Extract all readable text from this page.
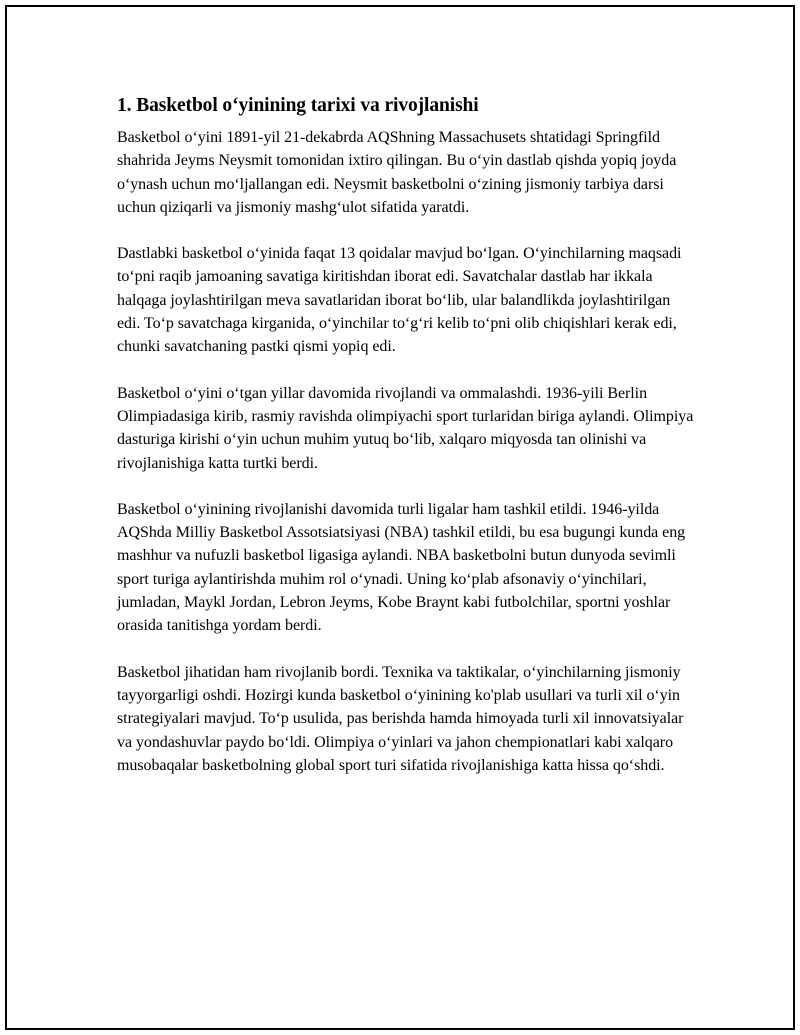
1. Basketbol o‘yinining tarixi va rivojlanishi

Basketbol o‘yini 1891-yil 21-dekabrda AQShning Massachusets shtatidagi Springfild shahrida Jeyms Neysmit tomonidan ixtiro qilingan. Bu o‘yin dastlab qishda yopiq joyda o‘ynash uchun mo‘ljallangan edi. Neysmit basketbolni o‘zining jismoniy tarbiya darsi uchun qiziqarli va jismoniy mashg‘ulot sifatida yaratdi.

Dastlabki basketbol o‘yinida faqat 13 qoidalar mavjud bo‘lgan. O‘yinchilarning maqsadi to‘pni raqib jamoaning savatiga kiritishdan iborat edi. Savatchalar dastlab har ikkala halqaga joylashtirilgan meva savatlaridan iborat bo‘lib, ular balandlikda joylashtirilgan edi. To‘p savatchaga kirganida, o‘yinchilar to‘g‘ri kelib to‘pni olib chiqishlari kerak edi, chunki savatchaning pastki qismi yopiq edi.

Basketbol o‘yini o‘tgan yillar davomida rivojlandi va ommalashdi. 1936-yili Berlin Olimpiadasiga kirib, rasmiy ravishda olimpiyachi sport turlaridan biriga aylandi. Olimpiya dasturiga kirishi o‘yin uchun muhim yutuq bo‘lib, xalqaro miqyosda tan olinishi va rivojlanishiga katta turtki berdi.

Basketbol o‘yinining rivojlanishi davomida turli ligalar ham tashkil etildi. 1946-yilda AQShda Milliy Basketbol Assotsiatsiyasi (NBA) tashkil etildi, bu esa bugungi kunda eng mashhur va nufuzli basketbol ligasiga aylandi. NBA basketbolni butun dunyoda sevimli sport turiga aylantirishda muhim rol o‘ynadi. Uning ko‘plab afsonaviy o‘yinchilari, jumladan, Maykl Jordan, Lebron Jeyms, Kobe Braynt kabi futbolchilar, sportni yoshlar orasida tanitishga yordam berdi.

Basketbol jihatidan ham rivojlanib bordi. Texnika va taktikalar, o‘yinchilarning jismoniy tayyorgarligi oshdi. Hozirgi kunda basketbol o‘yinining ko'plab usullari va turli xil o‘yin strategiyalari mavjud. To‘p usulida, pas berishda hamda himoyada turli xil innovatsiyalar va yondashuvlar paydo bo‘ldi. Olimpiya o‘yinlari va jahon chempionatlari kabi xalqaro musobaqalar basketbolning global sport turi sifatida rivojlanishiga katta hissa qo‘shdi.
